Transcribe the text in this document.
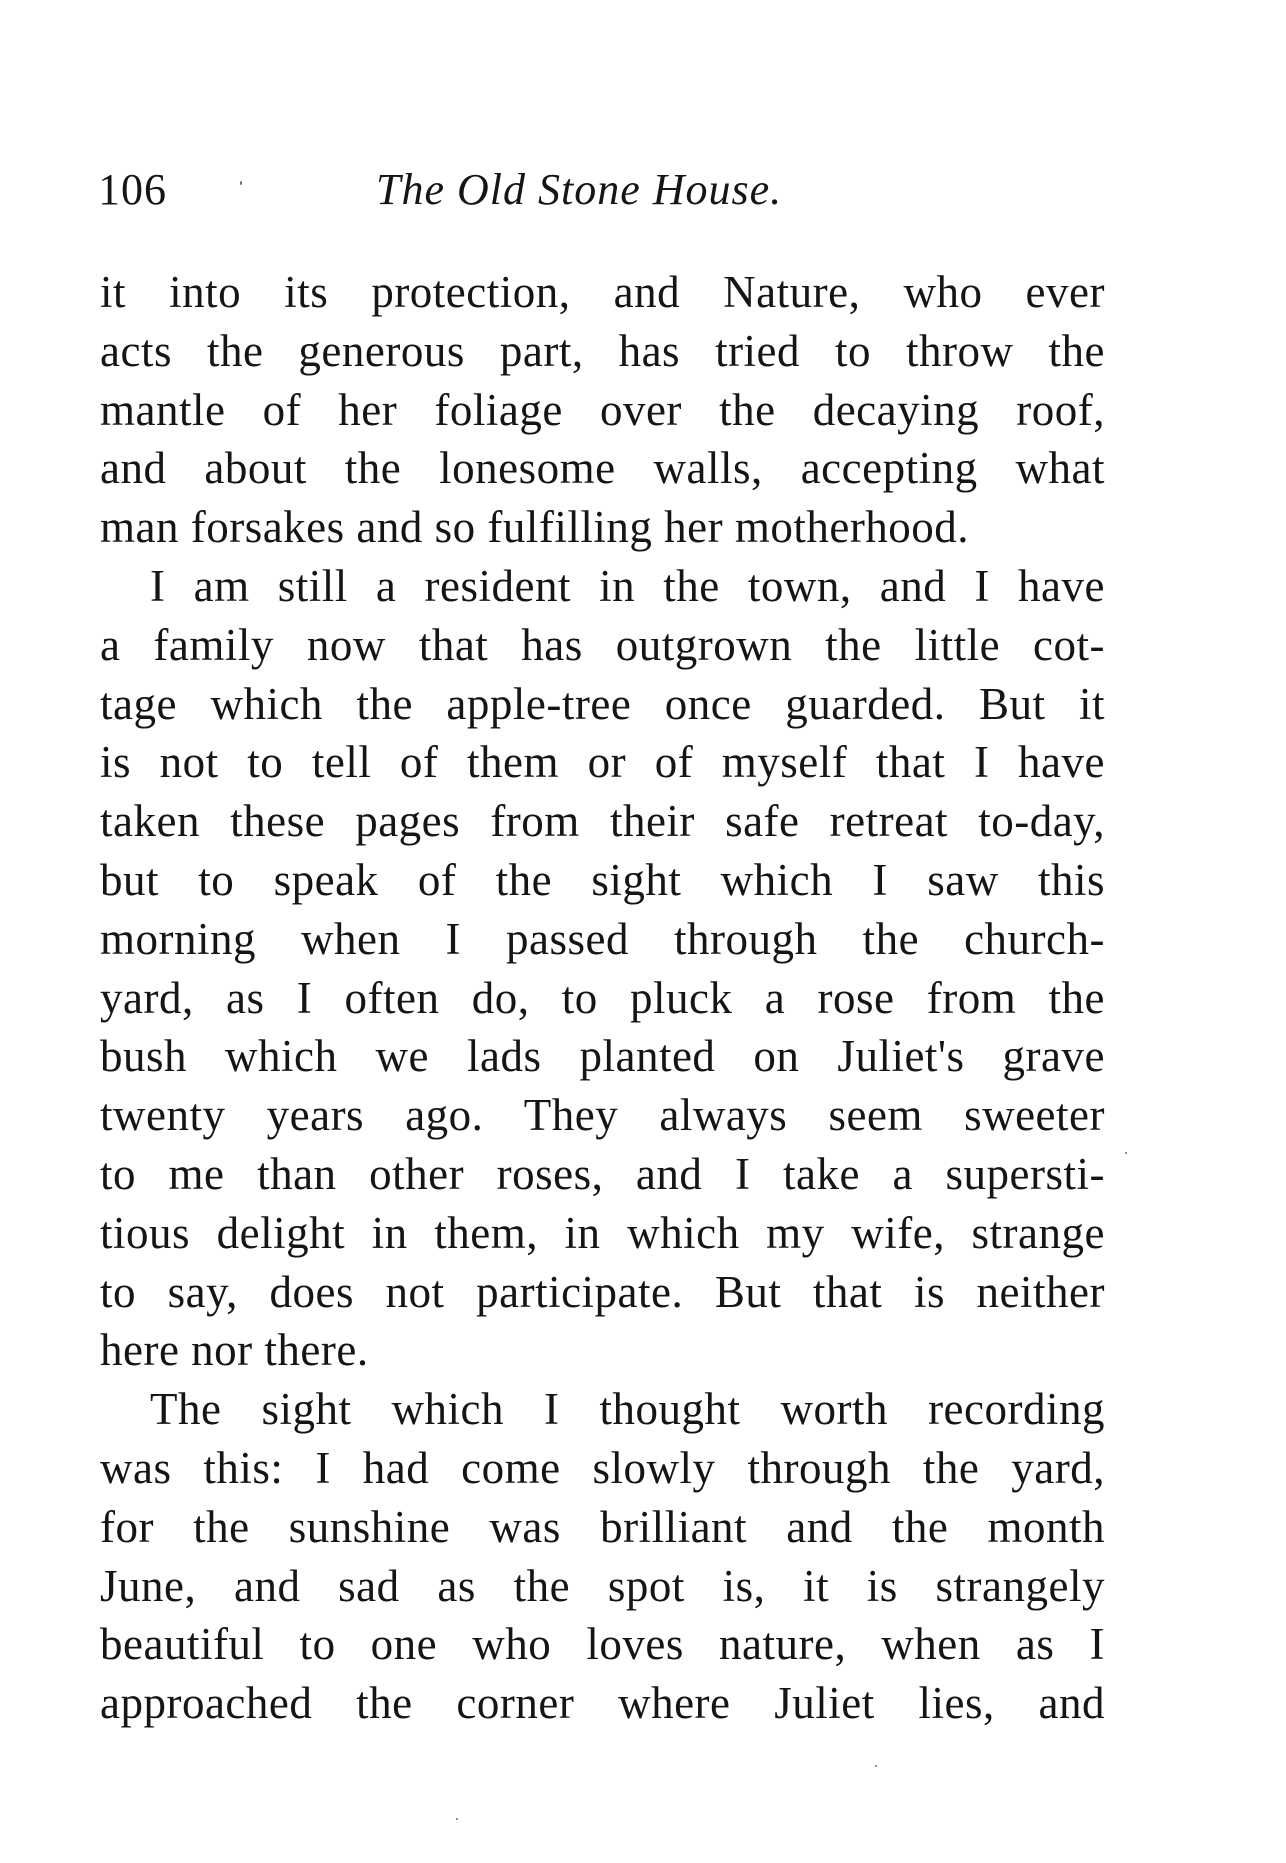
106	The Old Stone House.
it into its protection, and Nature, who ever
acts the generous part, has tried to throw the
mantle of her foliage over the decaying roof,
and about the lonesome walls, accepting what
man forsakes and so fulfilling her motherhood.
I am still a resident in the town, and I have
a family now that has outgrown the little cot-
tage which the apple-tree once guarded. But it
is not to tell of them or of myself that I have
taken these pages from their safe retreat to-day,
but to speak of the sight which I saw this
morning when I passed through the church-
yard, as I often do, to pluck a rose from the
bush which we lads planted on Juliet's grave
twenty years ago. They always seem sweeter
to me than other roses, and I take a supersti-
tious delight in them, in which my wife, strange
to say, does not participate. But that is neither
here nor there.
The sight which I thought worth recording
was this: I had come slowly through the yard,
for the sunshine was brilliant and the month
June, and sad as the spot is, it is strangely
beautiful to one who loves nature, when as I
approached the corner where Juliet lies, and
